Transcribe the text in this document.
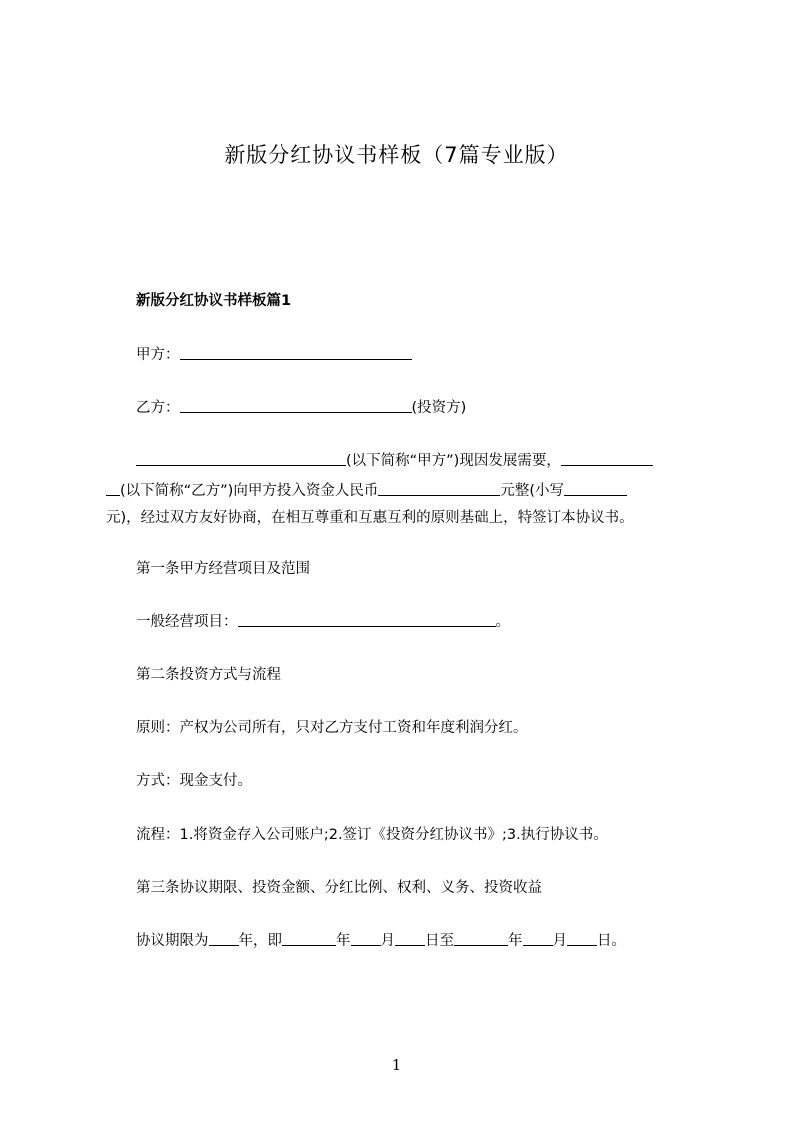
新版分红协议书样板（7篇专业版）
新版分红协议书样板篇1
甲方：
乙方：	(投资方)
(以下简称“甲方”)现因发展需要，
(以下简称“乙方”)向甲方投入资金人民币	元整(小写
元)，经过双方友好协商，在相互尊重和互惠互利的原则基础上，特签订本协议书。
第一条甲方经营项目及范围
一般经营项目：	。
第二条投资方式与流程
原则：产权为公司所有，只对乙方支付工资和年度利润分红。
方式：现金支付。
流程：1.将资金存入公司账户;2.签订《投资分红协议书》;3.执行协议书。
第三条协议期限、投资金额、分红比例、权利、义务、投资收益
协议期限为 年，即	年 月 日至	年 月 日。
1
